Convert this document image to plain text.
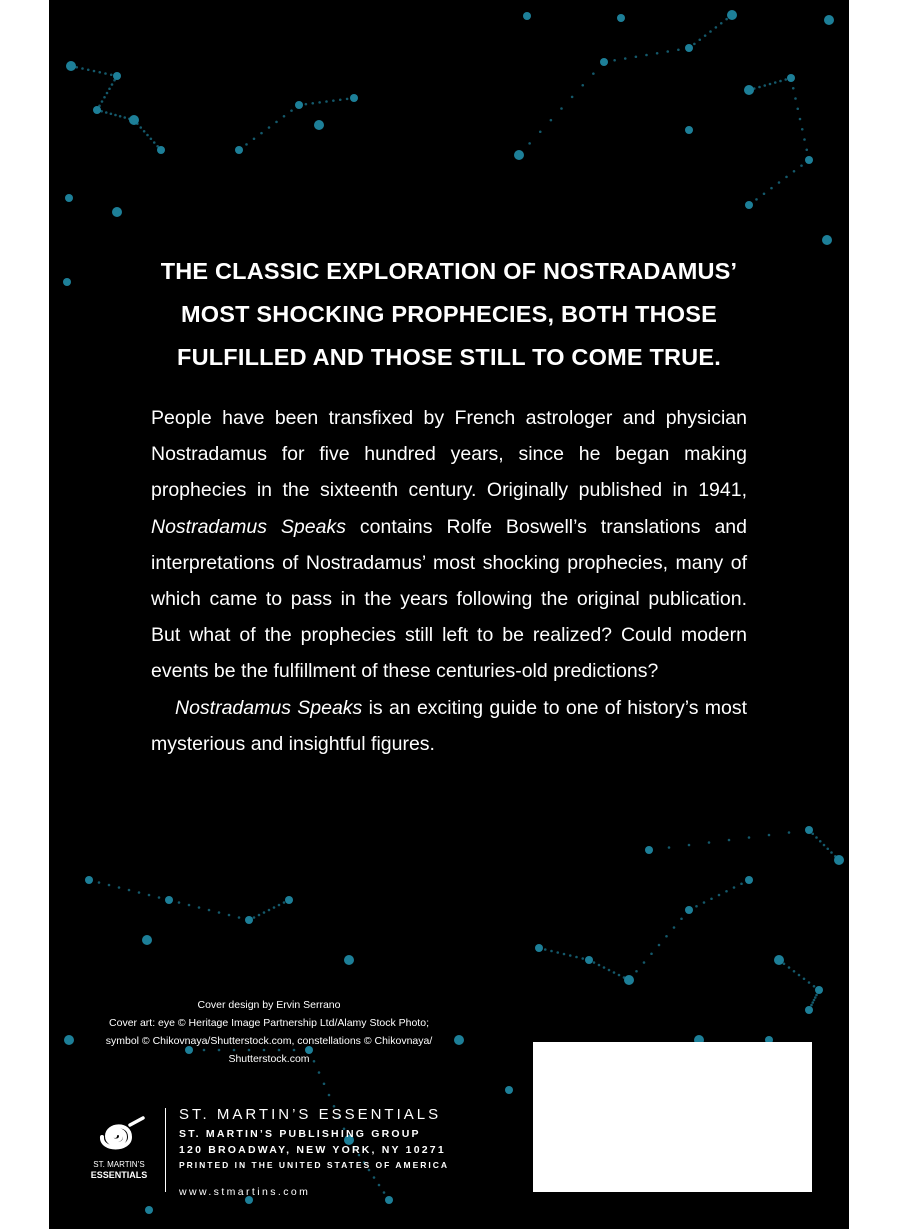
THE CLASSIC EXPLORATION OF NOSTRADAMUS’
MOST SHOCKING PROPHECIES, BOTH THOSE
FULFILLED AND THOSE STILL TO COME TRUE.

People have been transfixed by French astrologer and physician Nostradamus for five hundred years, since he began making prophecies in the sixteenth century. Originally published in 1941, Nostradamus Speaks contains Rolfe Boswell’s translations and interpretations of Nostradamus’ most shocking prophecies, many of which came to pass in the years following the original publication. But what of the prophecies still left to be realized? Could modern events be the fulfillment of these centuries-old predictions?

Nostradamus Speaks is an exciting guide to one of history’s most mysterious and insightful figures.

Cover design by Ervin Serrano
Cover art: eye © Heritage Image Partnership Ltd/Alamy Stock Photo;
symbol © Chikovnaya/Shutterstock.com, constellations © Chikovnaya/
Shutterstock.com
ST. MARTIN’S
ESSENTIALS
ST. MARTIN’S ESSENTIALS
ST. MARTIN’S PUBLISHING GROUP
120 BROADWAY, NEW YORK, NY 10271
PRINTED IN THE UNITED STATES OF AMERICA
www.stmartins.com
